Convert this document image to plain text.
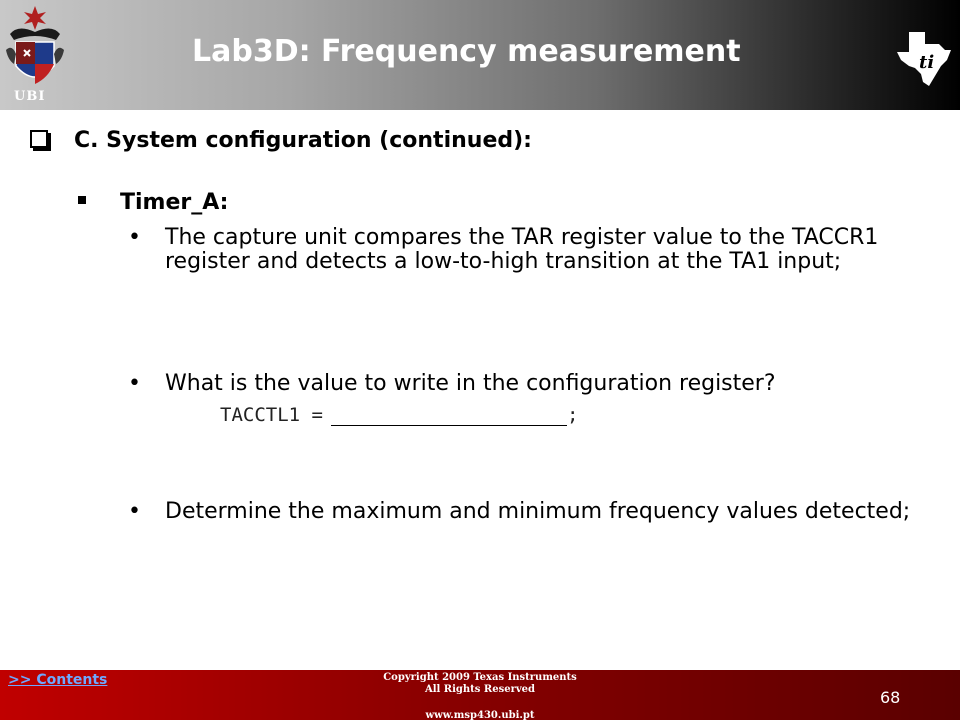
UBI
Lab3D: Frequency measurement	ti
C. System configuration (continued):
Timer_A:
• The capture unit compares the TAR register value to the TACCR1 register and detects a low-to-high transition at the TA1 input;
• What is the value to write in the configuration register?
TACCTL1 =	;
• Determine the maximum and minimum frequency values detected;
>> Contents	Copyright 2009 Texas Instruments
All Rights Reserved
www.msp430.ubi.pt
68
